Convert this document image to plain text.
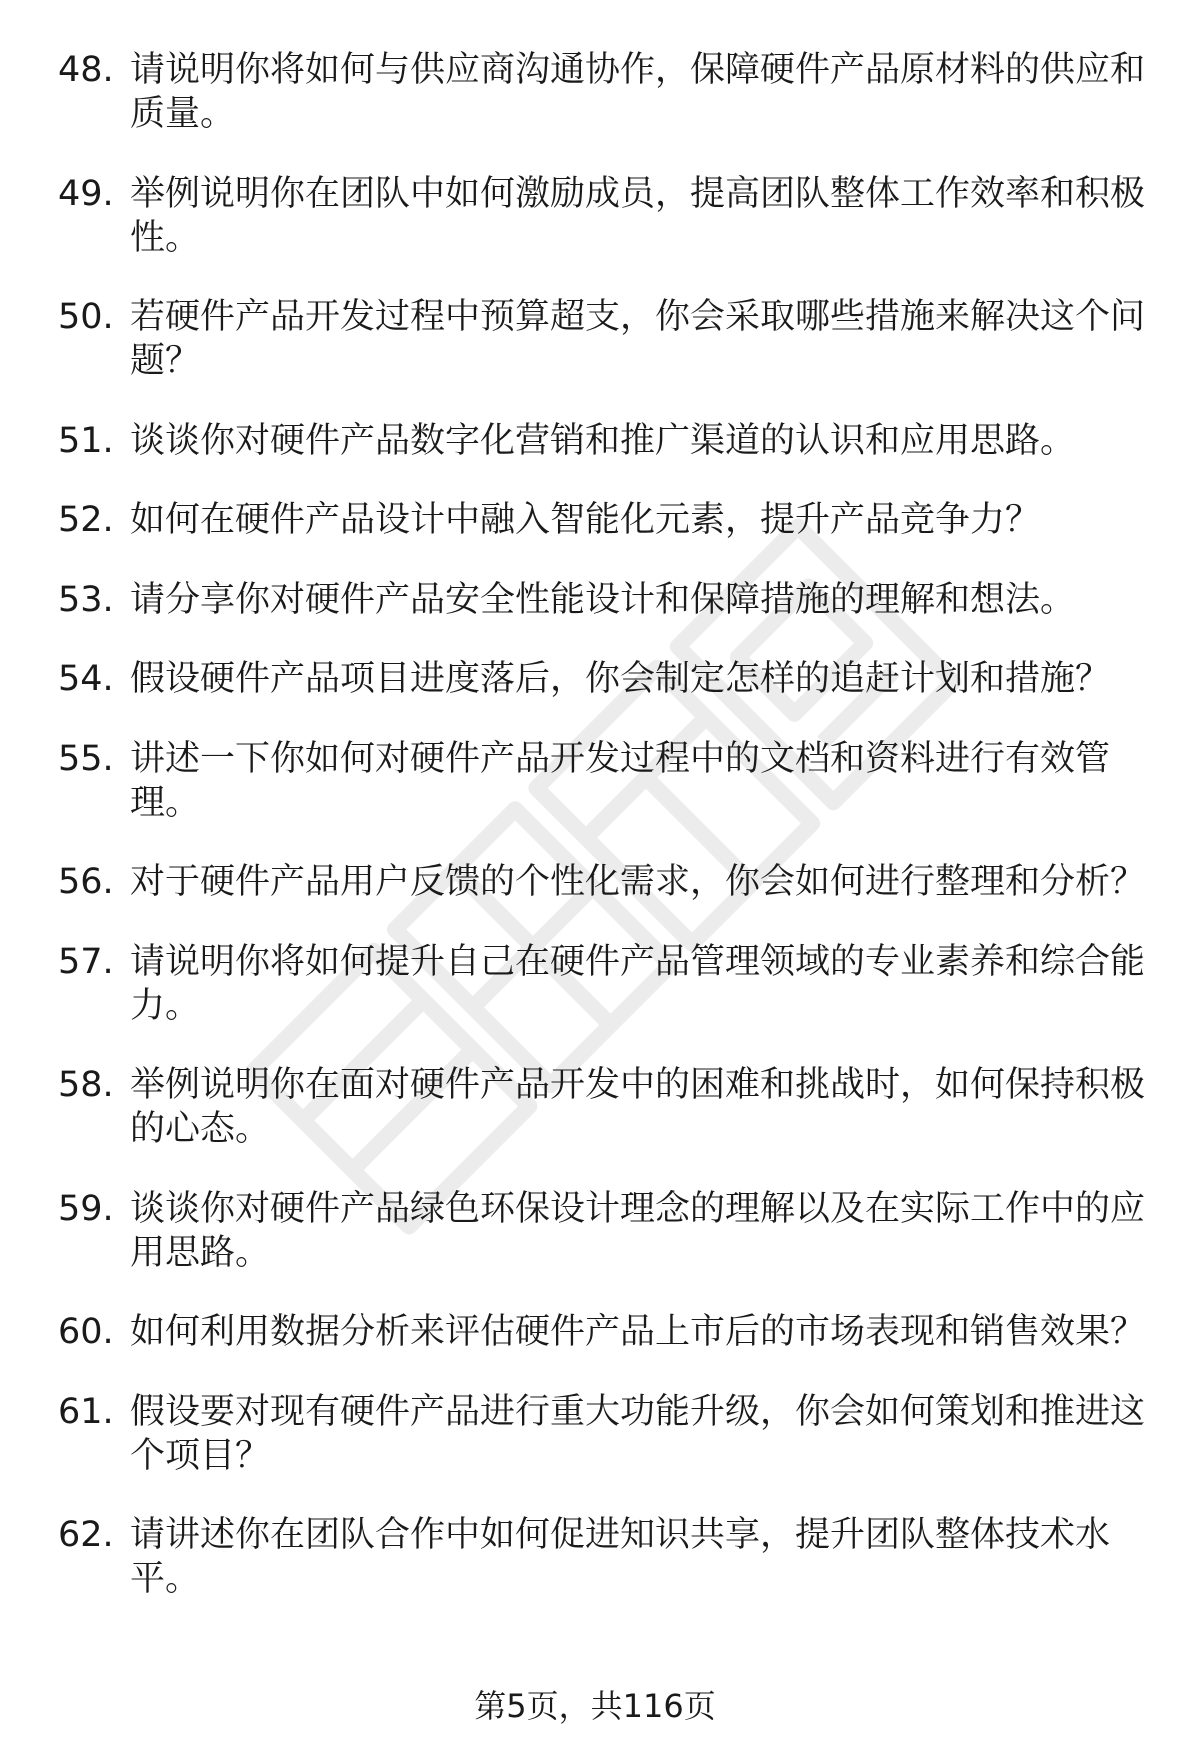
48. 请说明你将如何与供应商沟通协作，保障硬件产品原材料的供应和质量。
49. 举例说明你在团队中如何激励成员，提高团队整体工作效率和积极性。
50. 若硬件产品开发过程中预算超支，你会采取哪些措施来解决这个问题？
51. 谈谈你对硬件产品数字化营销和推广渠道的认识和应用思路。
52. 如何在硬件产品设计中融入智能化元素，提升产品竞争力？
53. 请分享你对硬件产品安全性能设计和保障措施的理解和想法。
54. 假设硬件产品项目进度落后，你会制定怎样的追赶计划和措施？
55. 讲述一下你如何对硬件产品开发过程中的文档和资料进行有效管理。
56. 对于硬件产品用户反馈的个性化需求，你会如何进行整理和分析？
57. 请说明你将如何提升自己在硬件产品管理领域的专业素养和综合能力。
58. 举例说明你在面对硬件产品开发中的困难和挑战时，如何保持积极的心态。
59. 谈谈你对硬件产品绿色环保设计理念的理解以及在实际工作中的应用思路。
60. 如何利用数据分析来评估硬件产品上市后的市场表现和销售效果？
61. 假设要对现有硬件产品进行重大功能升级，你会如何策划和推进这个项目？
62. 请讲述你在团队合作中如何促进知识共享，提升团队整体技术水平。
第5页，共116页
